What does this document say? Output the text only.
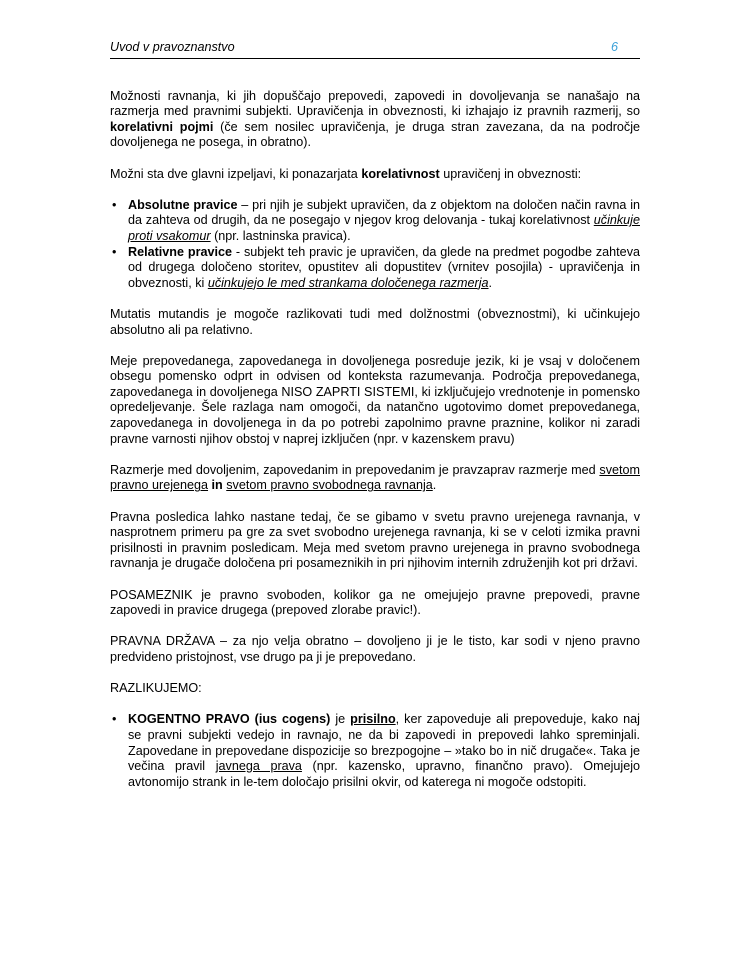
Uvod v pravoznanstvo	6

Možnosti ravnanja, ki jih dopuščajo prepovedi, zapovedi in dovoljevanja se nanašajo na razmerja med pravnimi subjekti. Upravičenja in obveznosti, ki izhajajo iz pravnih razmerij, so korelativni pojmi (če sem nosilec upravičenja, je druga stran zavezana, da na področje dovoljenega ne posega, in obratno).

Možni sta dve glavni izpeljavi, ki ponazarjata korelativnost upravičenj in obveznosti:

• Absolutne pravice – pri njih je subjekt upravičen, da z objektom na določen način ravna in da zahteva od drugih, da ne posegajo v njegov krog delovanja - tukaj korelativnost učinkuje proti vsakomur (npr. lastninska pravica).
• Relativne pravice - subjekt teh pravic je upravičen, da glede na predmet pogodbe zahteva od drugega določeno storitev, opustitev ali dopustitev (vrnitev posojila) - upravičenja in obveznosti, ki učinkujejo le med strankama določenega razmerja.

Mutatis mutandis je mogoče razlikovati tudi med dolžnostmi (obveznostmi), ki učinkujejo absolutno ali pa relativno.

Meje prepovedanega, zapovedanega in dovoljenega posreduje jezik, ki je vsaj v določenem obsegu pomensko odprt in odvisen od konteksta razumevanja. Področja prepovedanega, zapovedanega in dovoljenega NISO ZAPRTI SISTEMI, ki izključujejo vrednotenje in pomensko opredeljevanje. Šele razlaga nam omogoči, da natančno ugotovimo domet prepovedanega, zapovedanega in dovoljenega in da po potrebi zapolnimo pravne praznine, kolikor ni zaradi pravne varnosti njihov obstoj v naprej izključen (npr. v kazenskem pravu)

Razmerje med dovoljenim, zapovedanim in prepovedanim je pravzaprav razmerje med svetom pravno urejenega in svetom pravno svobodnega ravnanja.

Pravna posledica lahko nastane tedaj, če se gibamo v svetu pravno urejenega ravnanja, v nasprotnem primeru pa gre za svet svobodno urejenega ravnanja, ki se v celoti izmika pravni prisilnosti in pravnim posledicam. Meja med svetom pravno urejenega in pravno svobodnega ravnanja je drugače določena pri posameznikih in pri njihovim internih združenjih kot pri državi.

POSAMEZNIK je pravno svoboden, kolikor ga ne omejujejo pravne prepovedi, pravne zapovedi in pravice drugega (prepoved zlorabe pravic!).

PRAVNA DRŽAVA – za njo velja obratno – dovoljeno ji je le tisto, kar sodi v njeno pravno predvideno pristojnost, vse drugo pa ji je prepovedano.

RAZLIKUJEMO:

• KOGENTNO PRAVO (ius cogens) je prisilno, ker zapoveduje ali prepoveduje, kako naj se pravni subjekti vedejo in ravnajo, ne da bi zapovedi in prepovedi lahko spreminjali. Zapovedane in prepovedane dispozicije so brezpogojne – »tako bo in nič drugače«. Taka je večina pravil javnega prava (npr. kazensko, upravno, finančno pravo). Omejujejo avtonomijo strank in le-tem določajo prisilni okvir, od katerega ni mogoče odstopiti.
